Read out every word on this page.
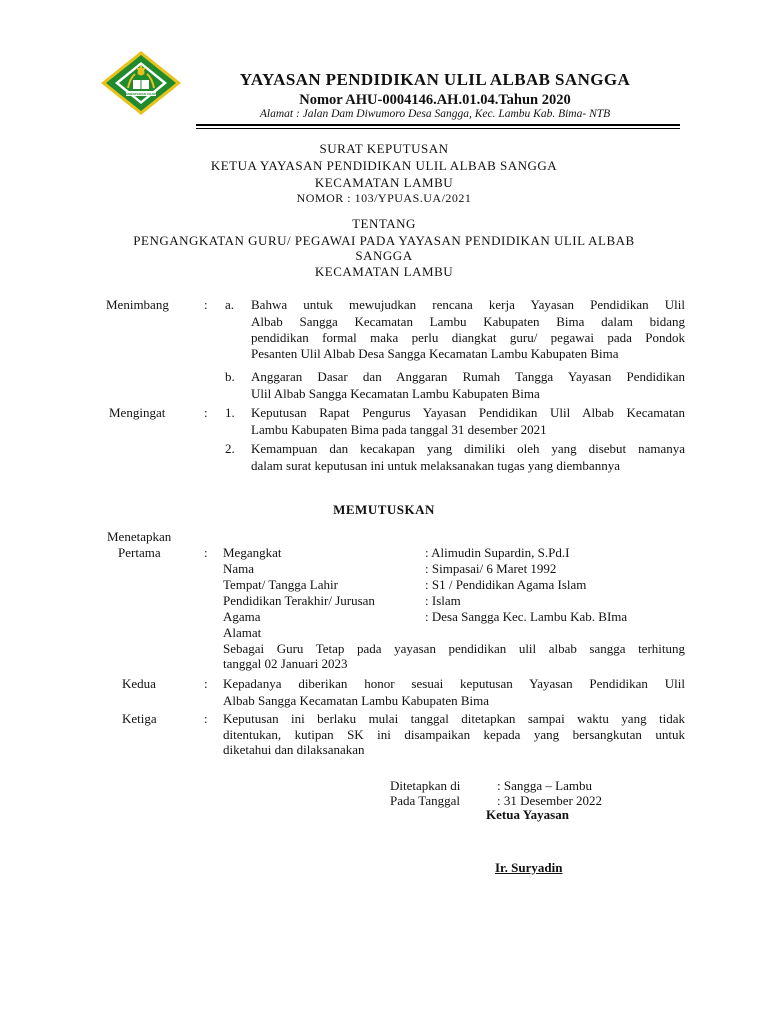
KEMENTERIAN AGAMA
YAYASAN PENDIDIKAN ULIL ALBAB SANGGA
Nomor AHU-0004146.AH.01.04.Tahun 2020
Alamat : Jalan Dam Diwumoro Desa Sangga, Kec. Lambu Kab. Bima- NTB
SURAT KEPUTUSAN
KETUA YAYASAN PENDIDIKAN ULIL ALBAB SANGGA
KECAMATAN LAMBU
NOMOR : 103/YPUAS.UA/2021
TENTANG
PENGANGKATAN GURU/ PEGAWAI PADA YAYASAN PENDIDIKAN ULIL ALBAB
SANGGA
KECAMATAN LAMBU
Menimbang	: a. Bahwa untuk mewujudkan rencana kerja Yayasan Pendidikan Ulil
Albab Sangga Kecamatan Lambu Kabupaten Bima dalam bidang
pendidikan formal maka perlu diangkat guru/ pegawai pada Pondok
Pesanten Ulil Albab Desa Sangga Kecamatan Lambu Kabupaten Bima
b. Anggaran Dasar dan Anggaran Rumah Tangga Yayasan Pendidikan
Ulil Albab Sangga Kecamatan Lambu Kabupaten Bima
Mengingat	: 1. Keputusan Rapat Pengurus Yayasan Pendidikan Ulil Albab Kecamatan
Lambu Kabupaten Bima pada tanggal 31 desember 2021
2. Kemampuan dan kecakapan yang dimiliki oleh yang disebut namanya
dalam surat keputusan ini untuk melaksanakan tugas yang diembannya
MEMUTUSKAN
Menetapkan
Pertama	: Megangkat	: Alimudin Supardin, S.Pd.I
Nama	: Simpasai/ 6 Maret 1992
Tempat/ Tangga Lahir	: S1 / Pendidikan Agama Islam
Pendidikan Terakhir/ Jurusan	: Islam
Agama	: Desa Sangga Kec. Lambu Kab. BIma
Alamat
Sebagai Guru Tetap pada yayasan pendidikan ulil albab sangga terhitung
tanggal 02 Januari 2023
Kedua	: Kepadanya diberikan honor sesuai keputusan Yayasan Pendidikan Ulil
Albab Sangga Kecamatan Lambu Kabupaten Bima
Ketiga	: Keputusan ini berlaku mulai tanggal ditetapkan sampai waktu yang tidak
ditentukan, kutipan SK ini disampaikan kepada yang bersangkutan untuk
diketahui dan dilaksanakan
Ditetapkan di	: Sangga – Lambu
Pada Tanggal	: 31 Desember 2022
Ketua Yayasan
Ir. Suryadin
